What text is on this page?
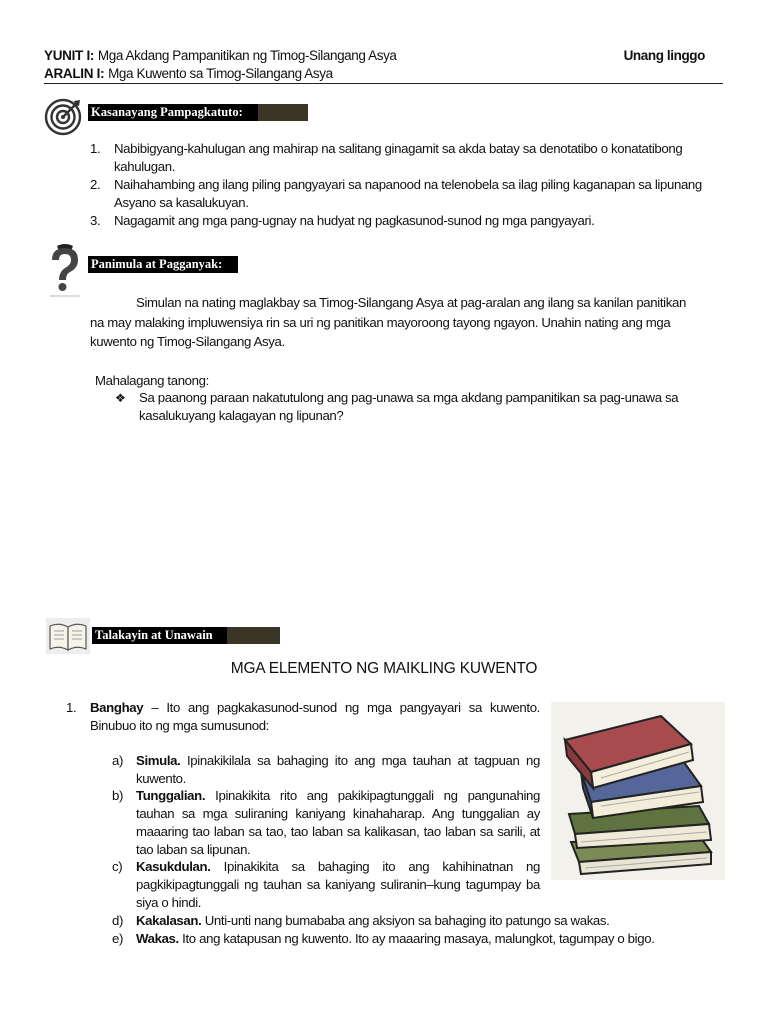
YUNIT I: Mga Akdang Pampanitikan ng Timog-Silangang Asya
ARALIN I: Mga Kuwento sa Timog-Silangang Asya
Unang linggo
Kasanayang Pampagkatuto:
1. Nabibigyang-kahulugan ang mahirap na salitang ginagamit sa akda batay sa denotatibo o konatatibong kahulugan.
2. Naihahambing ang ilang piling pangyayari sa napanood na telenobela sa ilag piling kaganapan sa lipunang Asyano sa kasalukuyan.
3. Nagagamit ang mga pang-ugnay na hudyat ng pagkasunod-sunod ng mga pangyayari.
Panimula at Pagganyak:
Simulan na nating maglakbay sa Timog-Silangang Asya at pag-aralan ang ilang sa kanilan panitikan na may malaking impluwensiya rin sa uri ng panitikan mayoroong tayong ngayon. Unahin nating ang mga kuwento ng Timog-Silangang Asya.
Mahalagang tanong:
❖ Sa paanong paraan nakatutulong ang pag-unawa sa mga akdang pampanitikan sa pag-unawa sa kasalukuyang kalagayan ng lipunan?
Talakayin at Unawain
MGA ELEMENTO NG MAIKLING KUWENTO
1. Banghay – Ito ang pagkakasunod-sunod ng mga pangyayari sa kuwento. Binubuo ito ng mga sumusunod:
a) Simula. Ipinakikilala sa bahaging ito ang mga tauhan at tagpuan ng kuwento.
b) Tunggalian. Ipinakikita rito ang pakikipagtunggali ng pangunahing tauhan sa mga suliraning kaniyang kinahaharap. Ang tunggalian ay maaaring tao laban sa tao, tao laban sa kalikasan, tao laban sa sarili, at tao laban sa lipunan.
c)	Kasukdulan. Ipinakikita sa bahaging ito ang kahihinatnan ng pagkikipagtunggali ng tauhan sa kaniyang suliranin–kung tagumpay ba siya o hindi.
d) Kakalasan. Unti-unti nang bumababa ang aksiyon sa bahaging ito patungo sa wakas.
e) Wakas. Ito ang katapusan ng kuwento. Ito ay maaaring masaya, malungkot, tagumpay o bigo.
